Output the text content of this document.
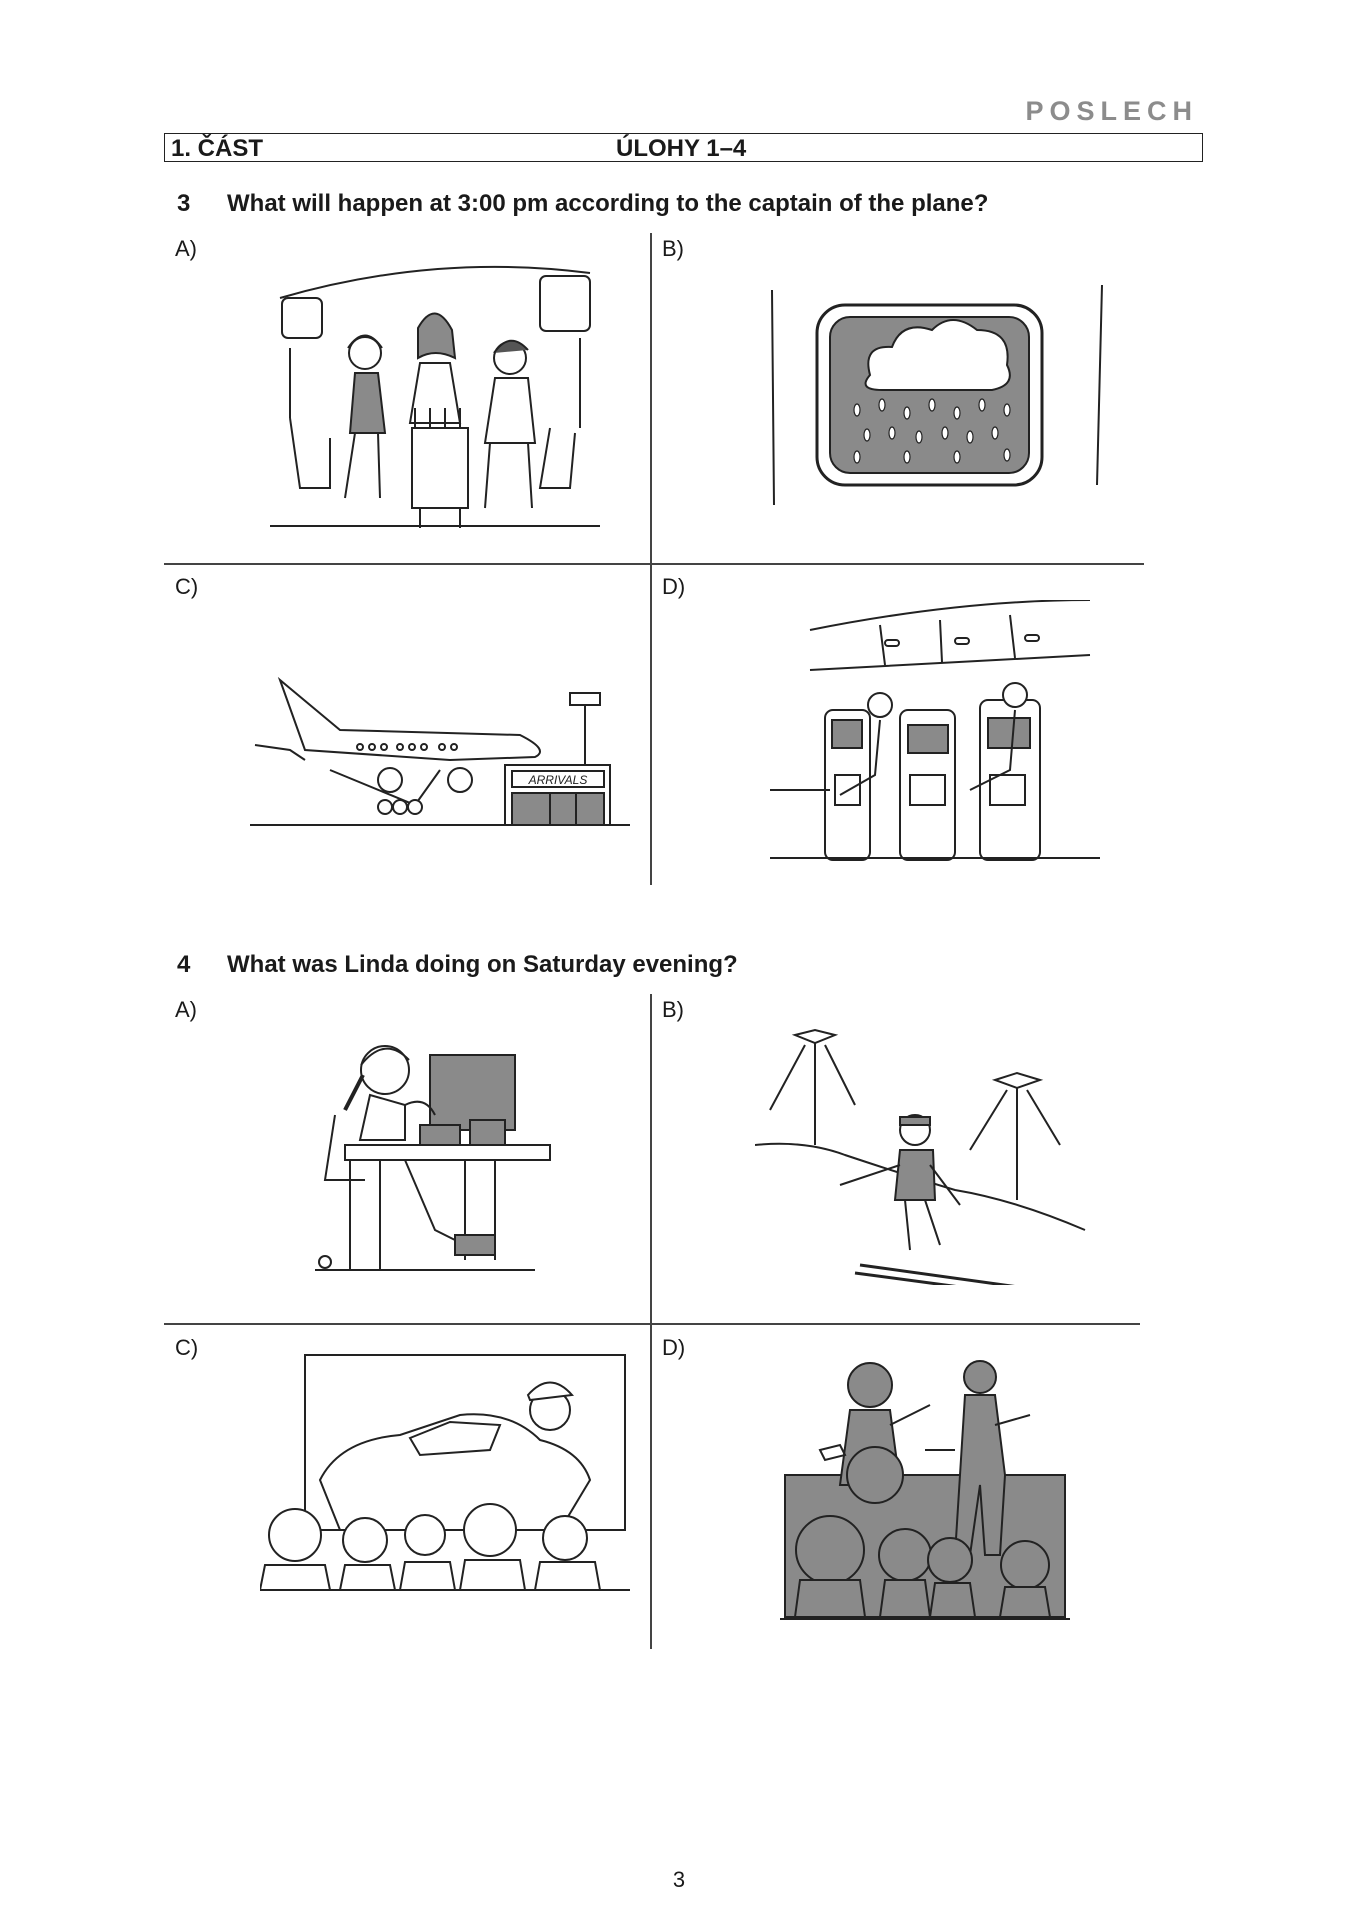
POSLECH
1. ČÁST	ÚLOHY 1–4
3 What will happen at 3:00 pm according to the captain of the plane?
A)	B)
C)	D)
ARRIVALS
4 What was Linda doing on Saturday evening?
A)	B)
C)	D)
3
